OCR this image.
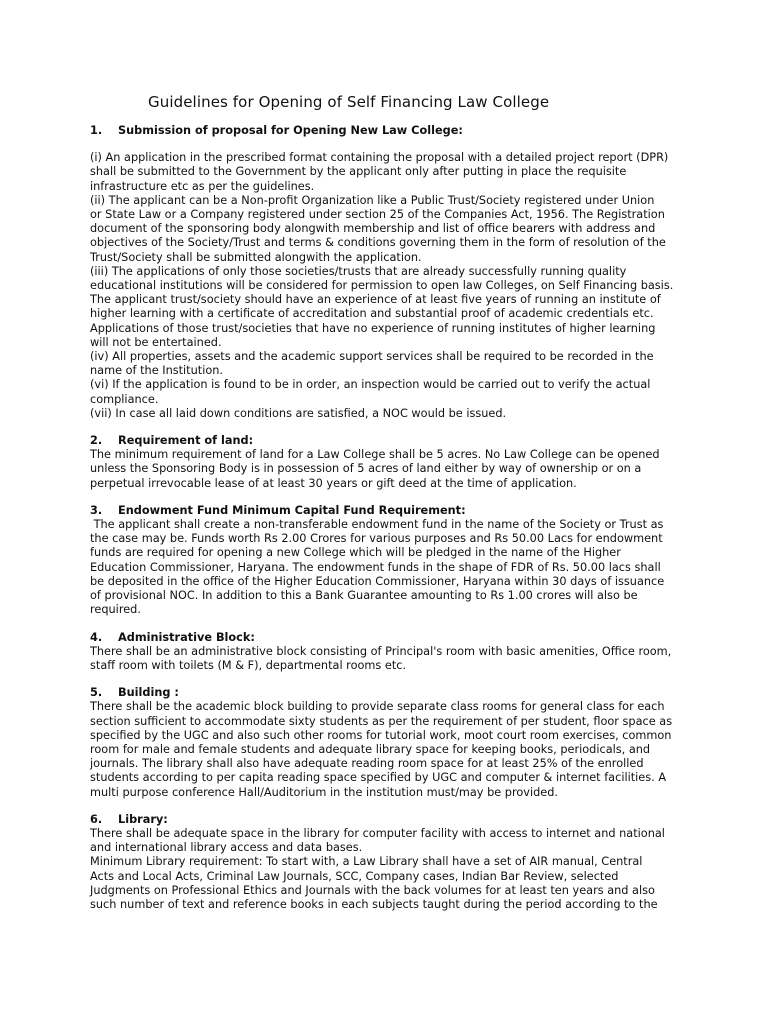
Guidelines for Opening of Self Financing Law College
1. Submission of proposal for Opening New Law College:
(i) An application in the prescribed format containing the proposal with a detailed project report (DPR)
shall be submitted to the Government by the applicant only after putting in place the requisite
infrastructure etc as per the guidelines.
(ii) The applicant can be a Non-profit Organization like a Public Trust/Society registered under Union
or State Law or a Company registered under section 25 of the Companies Act, 1956. The Registration
document of the sponsoring body alongwith membership and list of office bearers with address and
objectives of the Society/Trust and terms & conditions governing them in the form of resolution of the
Trust/Society shall be submitted alongwith the application.
(iii) The applications of only those societies/trusts that are already successfully running quality
educational institutions will be considered for permission to open law Colleges, on Self Financing basis.
The applicant trust/society should have an experience of at least five years of running an institute of
higher learning with a certificate of accreditation and substantial proof of academic credentials etc.
Applications of those trust/societies that have no experience of running institutes of higher learning
will not be entertained.
(iv) All properties, assets and the academic support services shall be required to be recorded in the
name of the Institution.
(vi) If the application is found to be in order, an inspection would be carried out to verify the actual
compliance.
(vii) In case all laid down conditions are satisfied, a NOC would be issued.
2. Requirement of land:
The minimum requirement of land for a Law College shall be 5 acres. No Law College can be opened
unless the Sponsoring Body is in possession of 5 acres of land either by way of ownership or on a
perpetual irrevocable lease of at least 30 years or gift deed at the time of application.
3. Endowment Fund Minimum Capital Fund Requirement:
The applicant shall create a non-transferable endowment fund in the name of the Society or Trust as
the case may be. Funds worth Rs 2.00 Crores for various purposes and Rs 50.00 Lacs for endowment
funds are required for opening a new College which will be pledged in the name of the Higher
Education Commissioner, Haryana. The endowment funds in the shape of FDR of Rs. 50.00 lacs shall
be deposited in the office of the Higher Education Commissioner, Haryana within 30 days of issuance
of provisional NOC. In addition to this a Bank Guarantee amounting to Rs 1.00 crores will also be
required.
4. Administrative Block:
There shall be an administrative block consisting of Principal's room with basic amenities, Office room,
staff room with toilets (M & F), departmental rooms etc.
5. Building :
There shall be the academic block building to provide separate class rooms for general class for each
section sufficient to accommodate sixty students as per the requirement of per student, floor space as
specified by the UGC and also such other rooms for tutorial work, moot court room exercises, common
room for male and female students and adequate library space for keeping books, periodicals, and
journals. The library shall also have adequate reading room space for at least 25% of the enrolled
students according to per capita reading space specified by UGC and computer & internet facilities. A
multi purpose conference Hall/Auditorium in the institution must/may be provided.
6. Library:
There shall be adequate space in the library for computer facility with access to internet and national
and international library access and data bases.
Minimum Library requirement: To start with, a Law Library shall have a set of AIR manual, Central
Acts and Local Acts, Criminal Law Journals, SCC, Company cases, Indian Bar Review, selected
Judgments on Professional Ethics and Journals with the back volumes for at least ten years and also
such number of text and reference books in each subjects taught during the period according to the
